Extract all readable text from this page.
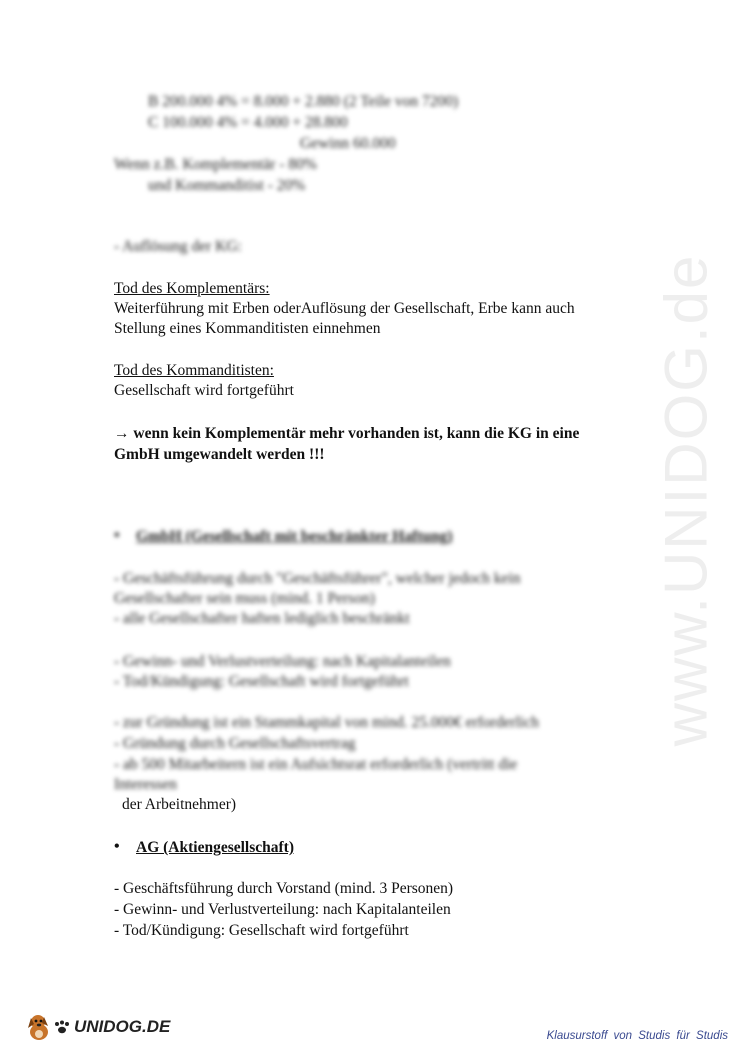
www.UNIDOG.de
B 200.000 4% = 8.000 + 2.880 (2 Teile von 7200)
C 100.000 4% = 4.000 + 28.800
Gewinn 60.000
Wenn z.B. Komplementär - 80%
und Kommanditist - 20%
- Auflösung der KG:
Tod des Komplementärs:
Weiterführung mit Erben oderAuflösung der Gesellschaft, Erbe kann auch
Stellung eines Kommanditisten einnehmen
Tod des Kommanditisten:
Gesellschaft wird fortgeführt
→ wenn kein Komplementär mehr vorhanden ist, kann die KG in eine
GmbH umgewandelt werden !!!
• GmbH (Gesellschaft mit beschränkter Haftung)
- Geschäftsführung durch "Geschäftsführer", welcher jedoch kein
Gesellschafter sein muss (mind. 1 Person)
- alle Gesellschafter haften lediglich beschränkt
- Gewinn- und Verlustverteilung: nach Kapitalanteilen
- Tod/Kündigung: Gesellschaft wird fortgeführt
- zur Gründung ist ein Stammkapital von mind. 25.000€ erforderlich
- Gründung durch Gesellschaftsvertrag
- ab 500 Mitarbeitern ist ein Aufsichtsrat erforderlich (vertritt die
Interessen
der Arbeitnehmer)
• AG (Aktiengesellschaft)
- Geschäftsführung durch Vorstand (mind. 3 Personen)
- Gewinn- und Verlustverteilung: nach Kapitalanteilen
- Tod/Kündigung: Gesellschaft wird fortgeführt
UNIDOG.DE	Klausurstoff von Studis für Studis
